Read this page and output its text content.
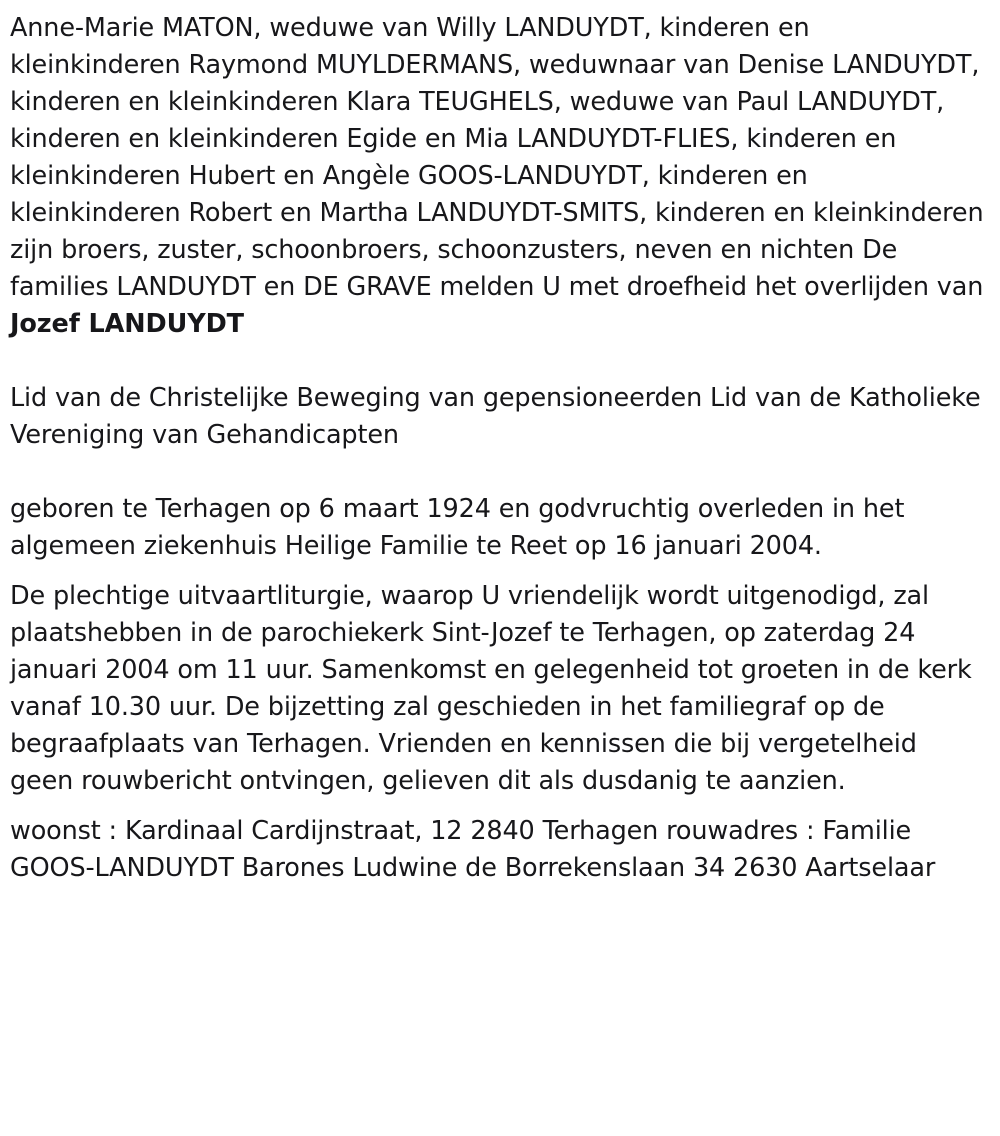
Anne-Marie MATON, weduwe van Willy LANDUYDT, kinderen en kleinkinderen Raymond MUYLDERMANS, weduwnaar van Denise LANDUYDT, kinderen en kleinkinderen Klara TEUGHELS, weduwe van Paul LANDUYDT, kinderen en kleinkinderen Egide en Mia LANDUYDT-FLIES, kinderen en kleinkinderen Hubert en Angèle GOOS-LANDUYDT, kinderen en kleinkinderen Robert en Martha LANDUYDT-SMITS, kinderen en kleinkinderen zijn broers, zuster, schoonbroers, schoonzusters, neven en nichten De families LANDUYDT en DE GRAVE melden U met droefheid het overlijden van

Jozef LANDUYDT

Lid van de Christelijke Beweging van gepensioneerden Lid van de Katholieke Vereniging van Gehandicapten

geboren te Terhagen op 6 maart 1924 en godvruchtig overleden in het algemeen ziekenhuis Heilige Familie te Reet op 16 januari 2004.

De plechtige uitvaartliturgie, waarop U vriendelijk wordt uitgenodigd, zal plaatshebben in de parochiekerk Sint-Jozef te Terhagen, op zaterdag 24 januari 2004 om 11 uur. Samenkomst en gelegenheid tot groeten in de kerk vanaf 10.30 uur. De bijzetting zal geschieden in het familiegraf op de begraafplaats van Terhagen. Vrienden en kennissen die bij vergetelheid geen rouwbericht ontvingen, gelieven dit als dusdanig te aanzien.

woonst : Kardinaal Cardijnstraat, 12 2840 Terhagen rouwadres : Familie GOOS-LANDUYDT Barones Ludwine de Borrekenslaan 34 2630 Aartselaar
